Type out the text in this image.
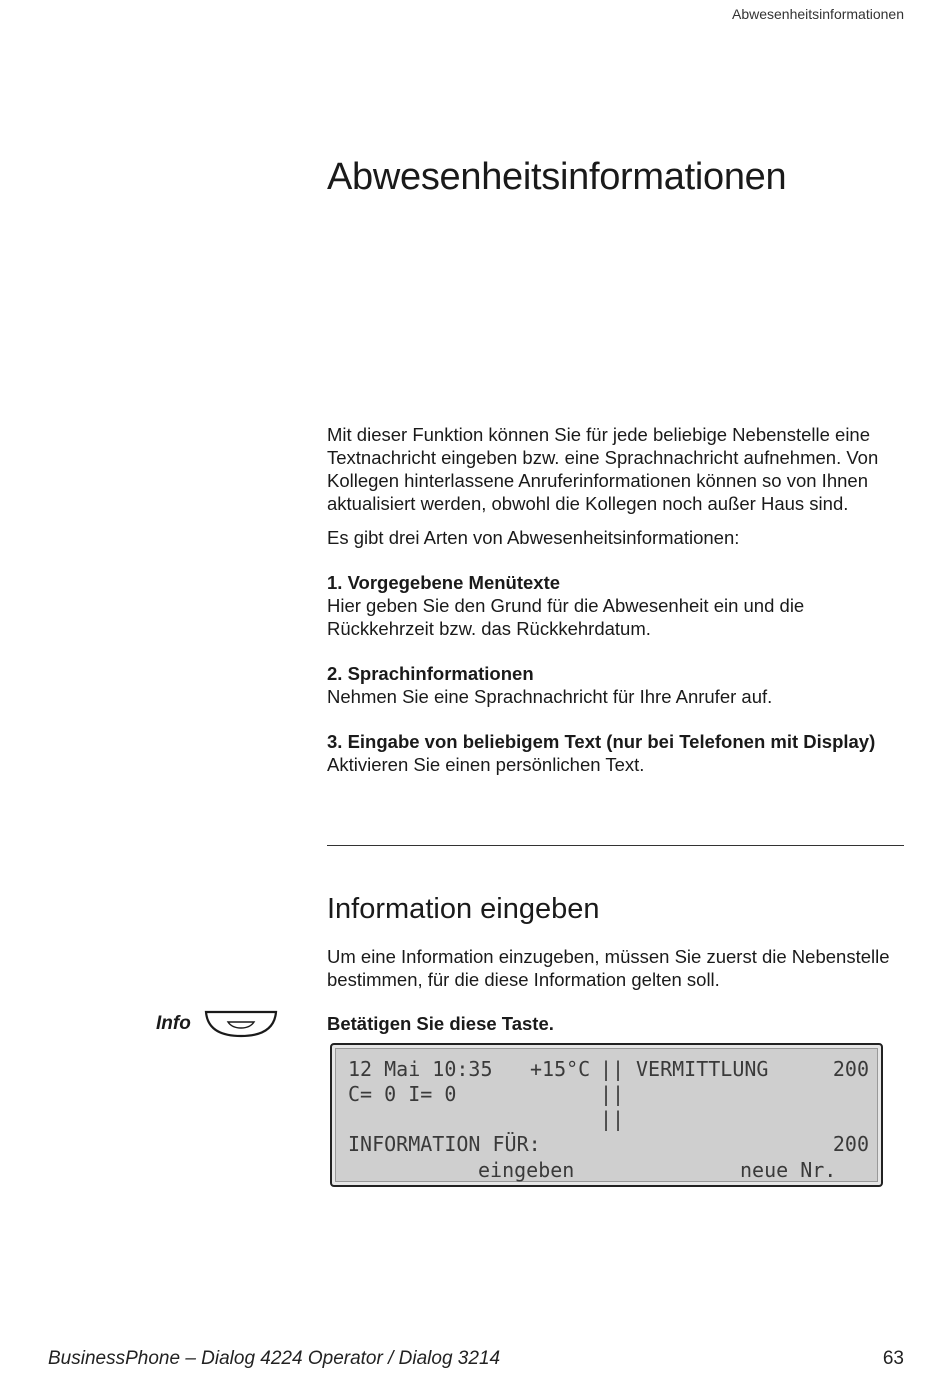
Abwesenheitsinformationen
Abwesenheitsinformationen

Mit dieser Funktion können Sie für jede beliebige Nebenstelle eine Textnachricht eingeben bzw. eine Sprachnachricht aufnehmen. Von Kollegen hinterlassene Anruferinformationen können so von Ihnen aktualisiert werden, obwohl die Kollegen noch außer Haus sind.

Es gibt drei Arten von Abwesenheitsinformationen:

1. Vorgegebene Menütexte
Hier geben Sie den Grund für die Abwesenheit ein und die Rückkehrzeit bzw. das Rückkehrdatum.
2. Sprachinformationen
Nehmen Sie eine Sprachnachricht für Ihre Anrufer auf.
3. Eingabe von beliebigem Text (nur bei Telefonen mit Display)
Aktivieren Sie einen persönlichen Text.
Information eingeben

Um eine Information einzugeben, müssen Sie zuerst die Nebenstelle bestimmen, für die diese Information gelten soll.

Info	Betätigen Sie diese Taste.

12 Mai 10:35

+15°C

||

VERMITTLUNG

	200

C= 0 I= 0

	||

||

INFORMATION FÜR:

	200

eingeben

	neue Nr.

BusinessPhone – Dialog 4224 Operator / Dialog 3214	63
